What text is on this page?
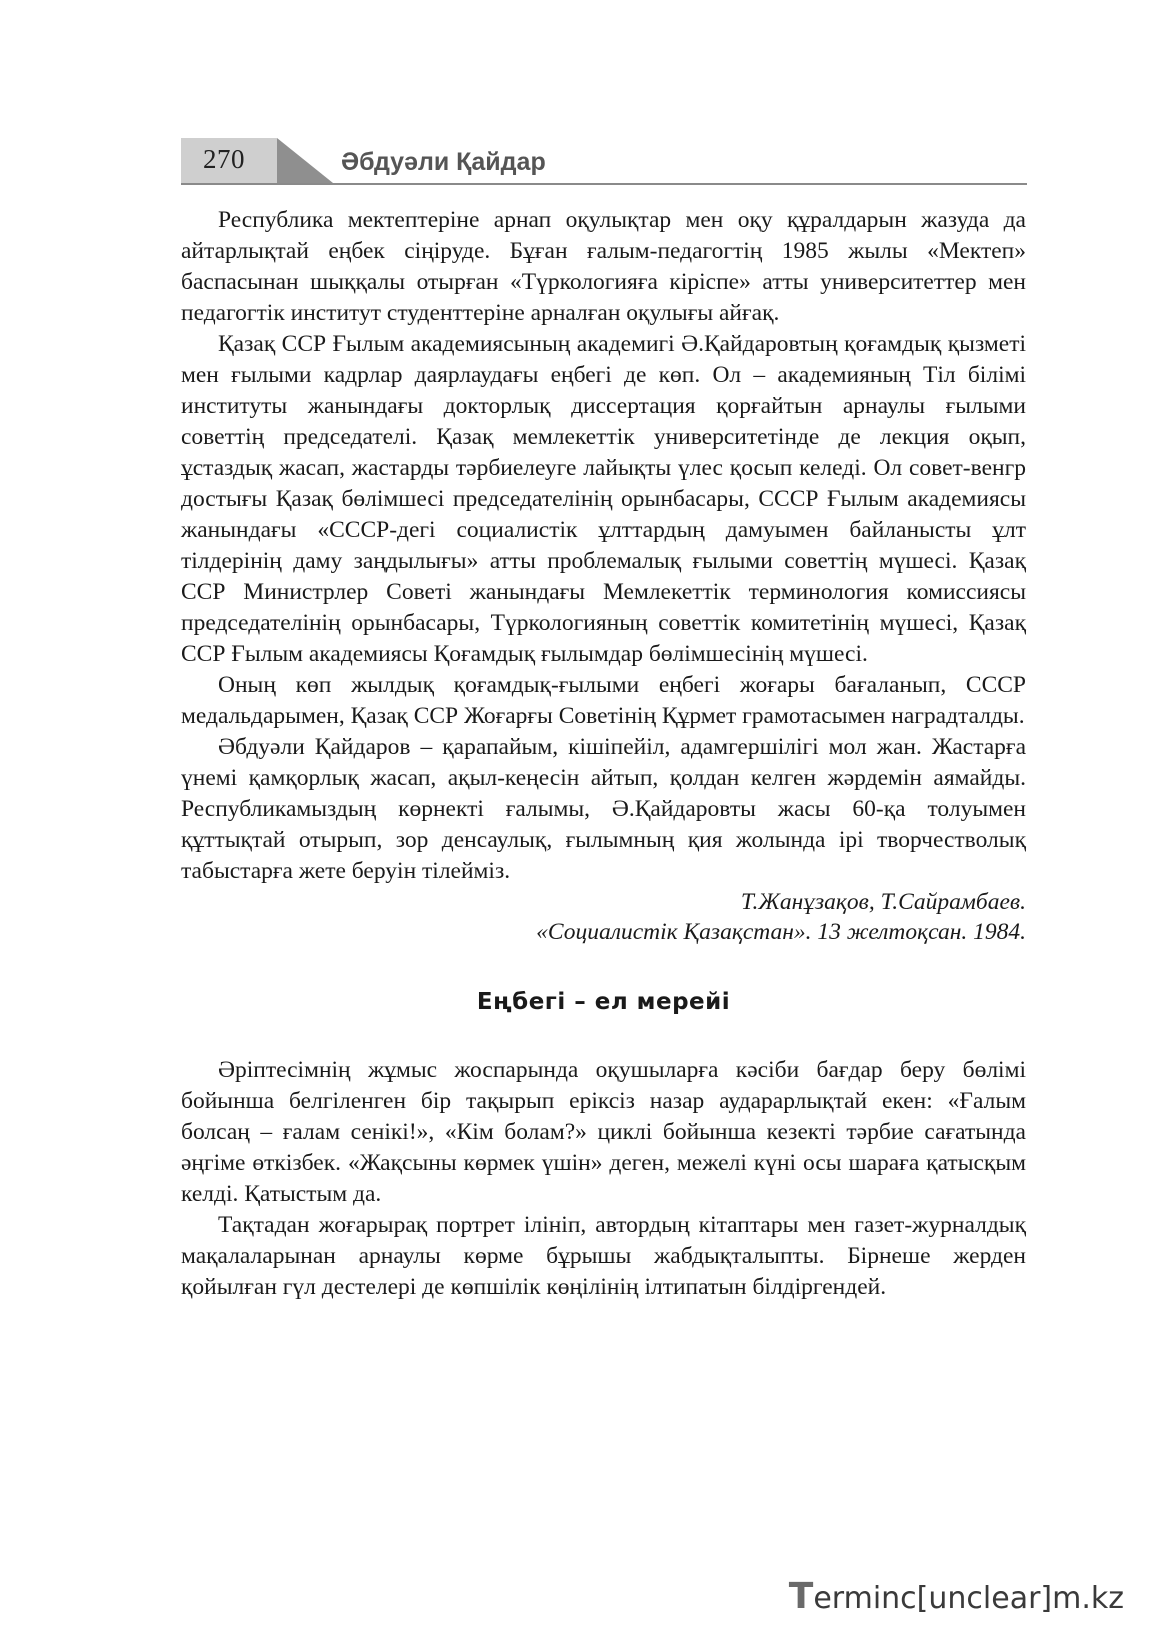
270	Әбдуәли Қайдар

Республика мектептеріне арнап оқулықтар мен оқу құралдарын жазуда да айтарлықтай еңбек сіңіруде. Бұған ғалым-педагогтің 1985 жылы «Мектеп» баспасынан шыққалы отырған «Түркологияға кіріспе» атты университеттер мен педагогтік институт студенттеріне арналған оқулығы айғақ.

Қазақ ССР Ғылым академиясының академигі Ә.Қайдаровтың қоғамдық қызметі мен ғылыми кадрлар даярлаудағы еңбегі де көп. Ол – академияның Тіл білімі институты жанындағы докторлық диссертация қорғайтын арнаулы ғылыми советтің председателі. Қазақ мемлекеттік университетінде де лекция оқып, ұстаздық жасап, жастарды тәрбиелеуге лайықты үлес қосып келеді. Ол совет-венгр достығы Қазақ бөлімшесі председателінің орынбасары, СССР Ғылым академиясы жанындағы «СССР-дегі социалистік ұлттардың дамуымен байланысты ұлт тілдерінің даму заңдылығы» атты проблемалық ғылыми советтің мүшесі. Қазақ ССР Министрлер Советі жанындағы Мемлекеттік терминология комиссиясы председателінің орынбасары, Түркологияның советтік комитетінің мүшесі, Қазақ ССР Ғылым академиясы Қоғамдық ғылымдар бөлімшесінің мүшесі.

Оның көп жылдық қоғамдық-ғылыми еңбегі жоғары бағаланып, СССР медальдарымен, Қазақ ССР Жоғарғы Советінің Құрмет грамотасымен наградталды.

Әбдуәли Қайдаров – қарапайым, кішіпейіл, адамгершілігі мол жан. Жастарға үнемі қамқорлық жасап, ақыл-кеңесін айтып, қолдан келген жәрдемін аямайды. Республикамыздың көрнекті ғалымы, Ә.Қайдаровты жасы 60-қа толуымен құттықтай отырып, зор денсаулық, ғылымның қия жолында ірі творчестволық табыстарға жете беруін тілейміз.

Т.Жанұзақов, Т.Сайрамбаев.

«Социалистік Қазақстан». 13 желтоқсан. 1984.

Еңбегі – ел мерейі

Әріптесімнің жұмыс жоспарында оқушыларға кәсіби бағдар беру бөлімі бойынша белгіленген бір тақырып еріксіз назар аударарлықтай екен: «Ғалым болсаң – ғалам сенікі!», «Кім болам?» циклі бойынша кезекті тәрбие сағатында әңгіме өткізбек. «Жақсыны көрмек үшін» деген, межелі күні осы шараға қатысқым келді. Қатыстым да.

Тақтадан жоғарырақ портрет ілініп, автордың кітаптары мен газет-журналдық мақалаларынан арнаулы көрме бұрышы жабдықталыпты. Бірнеше жерден қойылған гүл дестелері де көпшілік көңілінің ілтипатын білдіргендей.

Terminc[unclear]m.kz
